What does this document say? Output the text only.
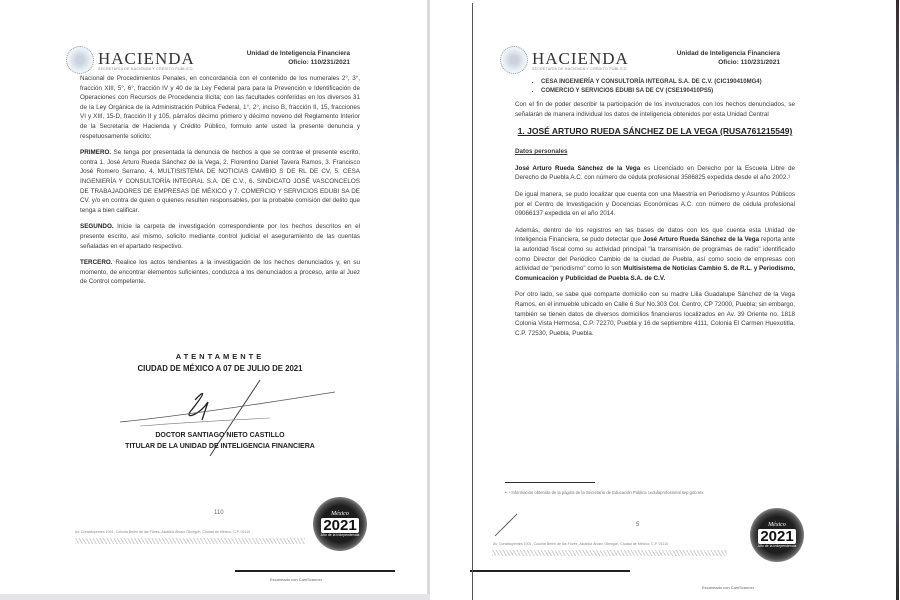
HACIENDA
SECRETARÍA DE HACIENDA Y CRÉDITO PÚBLICO
Unidad de Inteligencia Financiera
Oficio: 110/231/2021

Nacional de Procedimientos Penales, en concordancia con el contenido de los numerales 2°, 3°, fracción XIII, 5°, 6°, fracción IV y 40 de la Ley Federal para para la Prevención e Identificación de Operaciones con Recursos de Procedencia Ilícita; con las facultades conferidas en los diversos 31 de la Ley Orgánica de la Administración Pública Federal, 1°, 2°, inciso B, fracción II, 15, fracciones VI y XIII, 15-D, fracción II y 105, párrafos décimo primero y décimo noveno del Reglamento Interior de la Secretaría de Hacienda y Crédito Público, formulo ante usted la presente denuncia y respetuosamente solicito:

PRIMERO. Se tenga por presentada la denuncia de hechos a que se contrae el presente escrito, contra 1. José Arturo Rueda Sánchez de la Vega, 2. Florentino Daniel Tavera Ramos, 3. Francisco José Romero Serrano, 4. MULTISISTEMA DE NOTICIAS CAMBIO S DE RL DE CV, 5. CESA INGENIERÍA Y CONSULTORÍA INTEGRAL S.A. DE C.V., 6. SINDICATO JOSÉ VASCONCELOS DE TRABAJADORES DE EMPRESAS DE MÉXICO y 7. COMERCIO Y SERVICIOS EDUBI SA DE CV. y/o en contra de quien o quienes resulten responsables, por la probable comisión del delito que tenga a bien calificar.

SEGUNDO. Inicie la carpeta de investigación correspondiente por los hechos descritos en el presente escrito, así mismo, solicito mediante control judicial el aseguramiento de las cuentas señaladas en el apartado respectivo.

TERCERO. Realice los actos tendientes a la investigación de los hechos denunciados y, en su momento, de encontrar elementos suficientes, conduzca a los denunciados a proceso, ante al Juez de Control competente.

ATENTAMENTE
CIUDAD DE MÉXICO A 07 DE JULIO DE 2021
DOCTOR SANTIAGO NIETO CASTILLO
TITULAR DE LA UNIDAD DE INTELIGENCIA FINANCIERA
110
Av. Constituyentes 1001, Colonia Belén de las Flores, Alcaldía Álvaro Obregón, Ciudad de México, C.P. 01110
México
2021
Año de la Independencia
Escaneado con CamScanner
HACIENDA
SECRETARÍA DE HACIENDA Y CRÉDITO PÚBLICO
Unidad de Inteligencia Financiera
Oficio: 110/231/2021
▪ CESA INGENIERÍA Y CONSULTORÍA INTEGRAL S.A. DE C.V. (CIC190410MG4)
▪ COMERCIO Y SERVICIOS EDUBI SA DE CV (CSE190410PS5)

Con el fin de poder describir la participación de los involucrados con los hechos denunciados, se señalarán de manera individual los datos de inteligencia obtenidos por esta Unidad Central

1. JOSÉ ARTURO RUEDA SÁNCHEZ DE LA VEGA (RUSA761215549)
Datos personales

José Arturo Rueda Sánchez de la Vega es Licenciado en Derecho por la Escuela Libre de Derecho de Puebla A.C. con número de cédula profesional 3586825 expedida desde el año 2002.¹

De igual manera, se pudo localizar que cuenta con una Maestría en Periodismo y Asuntos Públicos por el Centro de Investigación y Docencias Económicas A.C. con número de cédula profesional 09066137 expedida en el año 2014.

Además, dentro de los registros en las bases de datos con los que cuenta esta Unidad de Inteligencia Financiera, se pudo detectar que José Arturo Rueda Sánchez de la Vega reporta ante la autoridad fiscal como su actividad principal "la transmisión de programas de radio" identificado como Director del Periódico Cambio de la ciudad de Puebla, así como socio de empresas con actividad de "periodismo" como lo son Multisistema de Noticias Cambio S. de R.L. y Periodismo, Comunicación y Publicidad de Puebla S.A. de C.V.

Por otro lado, se sabe que comparte domicilio con su madre Lilia Guadalupe Sánchez de la Vega Ramos, en el inmueble ubicado en Calle 6 Sur No.303 Col. Centro, CP 72000, Puebla; sin embargo, también se tienen datos de diversos domicilios financieros localizados en Av. 39 Oriente no. 1818 Colonia Vista Hermosa, C.P. 72270, Puebla y 16 de septiembre 4111, Colonia El Carmen Huexotitla, C.P. 72530, Puebla, Puebla.

•  ¹ Información obtenida de la página de la Secretaría de Educación Pública cedulaprofesional.sep.gob.mx
5
Av. Constituyentes 1001, Colonia Belén de las Flores, Alcaldía Álvaro Obregón, Ciudad de México, C.P. 01110
México
2021
Año de la Independencia
Escaneado con CamScanner
